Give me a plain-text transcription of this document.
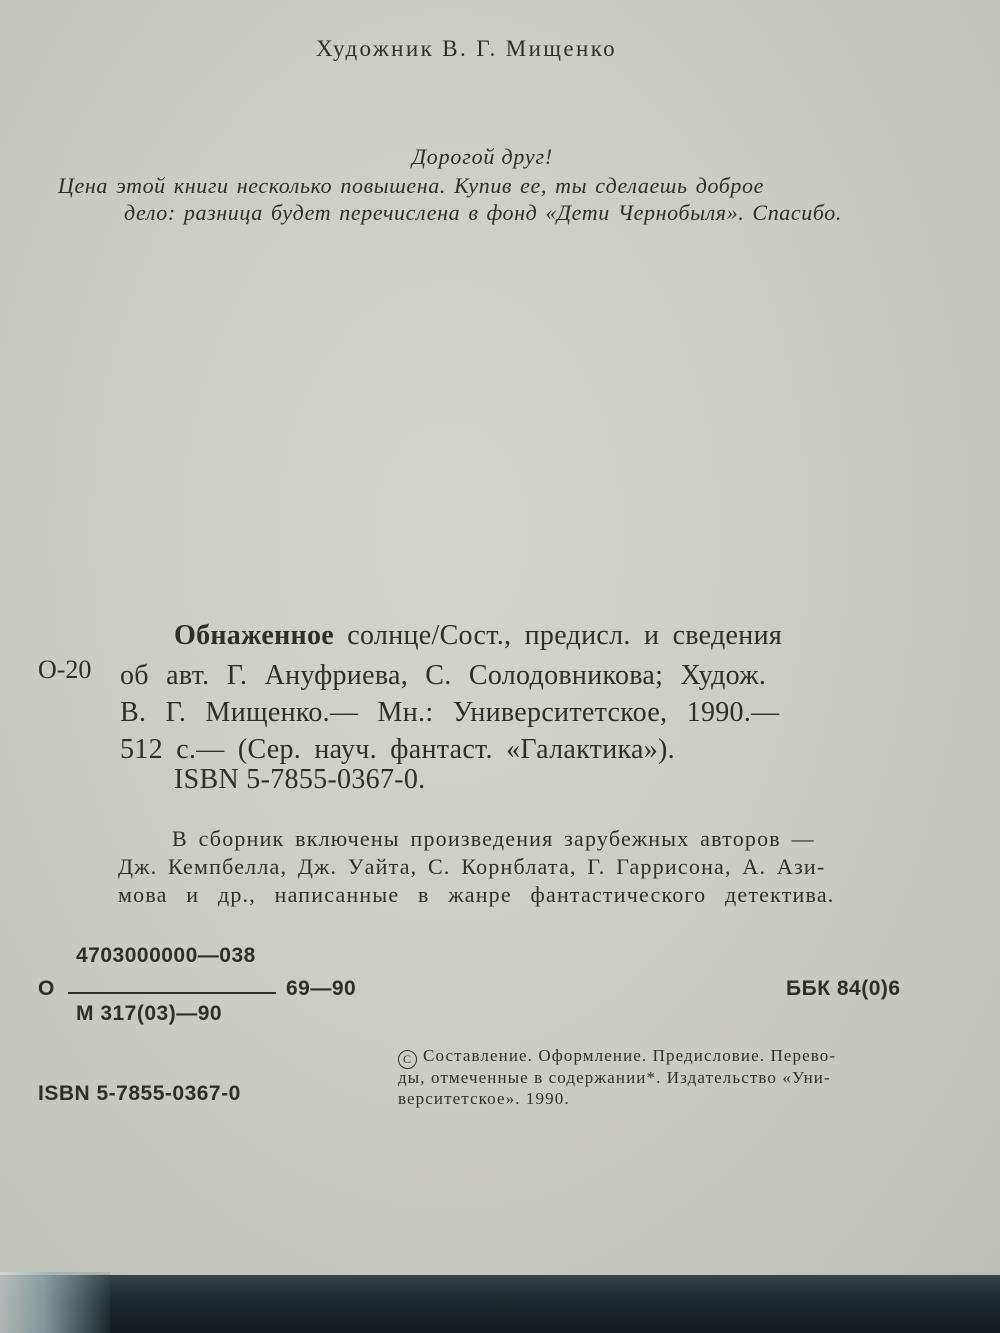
Художник В. Г. Мищенко
Дорогой друг!
Цена этой книги несколько повышена. Купив ее, ты сделаешь доброе
дело: разница будет перечислена в фонд «Дети Чернобыля». Спасибо.
О-20
Обнаженное солнце/Сост., предисл. и сведения
об авт. Г. Ануфриева, С. Солодовникова; Худож.
В. Г. Мищенко.— Мн.: Университетское, 1990.—
512 с.— (Сер. науч. фантаст. «Галактика»).
ISBN 5-7855-0367-0.
В сборник включены произведения зарубежных авторов —
Дж. Кемпбелла, Дж. Уайта, С. Корнблата, Г. Гаррисона, А. Ази-
мова и др., написанные в жанре фантастического детектива.
4703000000—038
О	69—90
М 317(03)—90
ББК 84(0)6
C Составление. Оформление. Предисловие. Перево-
ды, отмеченные в содержании*. Издательство «Уни-
верситетское». 1990.
ISBN 5-7855-0367-0
